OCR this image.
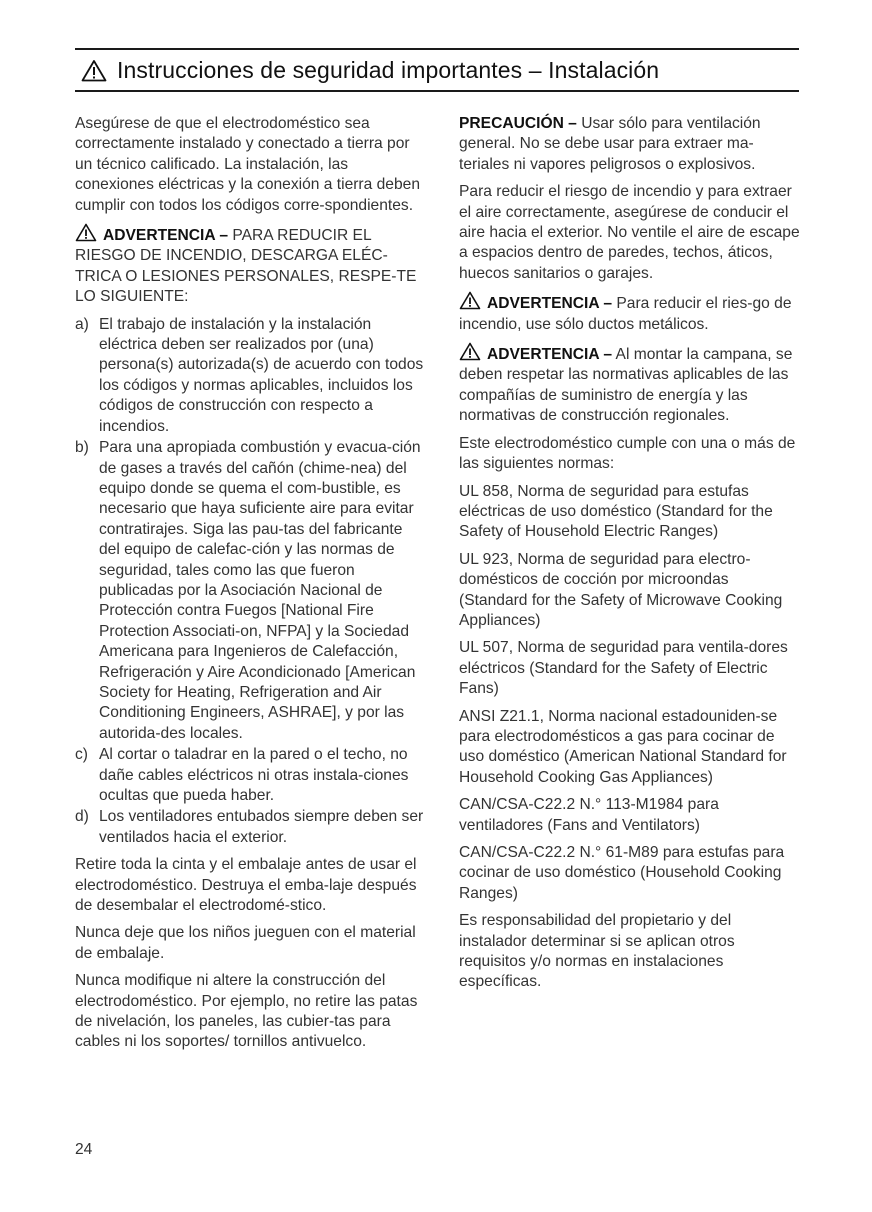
Instrucciones de seguridad importantes – Instalación

Asegúrese de que el electrodoméstico sea correctamente instalado y conectado a tierra por un técnico calificado. La instalación, las conexiones eléctricas y la conexión a tierra deben cumplir con todos los códigos corre-spondientes.

ADVERTENCIA – PARA REDUCIR EL RIESGO DE INCENDIO, DESCARGA ELÉC-TRICA O LESIONES PERSONALES, RESPE-TE LO SIGUIENTE:

a) El trabajo de instalación y la instalación eléctrica deben ser realizados por (una) persona(s) autorizada(s) de acuerdo con todos los códigos y normas aplicables, incluidos los códigos de construcción con respecto a incendios.
b) Para una apropiada combustión y evacua-ción de gases a través del cañón (chime-nea) del equipo donde se quema el com-bustible, es necesario que haya suficiente aire para evitar contratirajes. Siga las pau-tas del fabricante del equipo de calefac-ción y las normas de seguridad, tales como las que fueron publicadas por la Asociación Nacional de Protección contra Fuegos [National Fire Protection Associati-on, NFPA] y la Sociedad Americana para Ingenieros de Calefacción, Refrigeración y Aire Acondicionado [American Society for Heating, Refrigeration and Air Conditioning Engineers, ASHRAE], y por las autorida-des locales.
c) Al cortar o taladrar en la pared o el techo, no dañe cables eléctricos ni otras instala-ciones ocultas que pueda haber.
d) Los ventiladores entubados siempre deben ser ventilados hacia el exterior.

Retire toda la cinta y el embalaje antes de usar el electrodoméstico. Destruya el emba-laje después de desembalar el electrodomé-stico.

Nunca deje que los niños jueguen con el material de embalaje.

Nunca modifique ni altere la construcción del electrodoméstico. Por ejemplo, no retire las patas de nivelación, los paneles, las cubier-tas para cables ni los soportes/ tornillos antivuelco.

PRECAUCIÓN – Usar sólo para ventilación general. No se debe usar para extraer ma-teriales ni vapores peligrosos o explosivos.

Para reducir el riesgo de incendio y para extraer el aire correctamente, asegúrese de conducir el aire hacia el exterior. No ventile el aire de escape a espacios dentro de paredes, techos, áticos, huecos sanitarios o garajes.

ADVERTENCIA – Para reducir el ries-go de incendio, use sólo ductos metálicos.

ADVERTENCIA – Al montar la campana, se deben respetar las normativas aplicables de las compañías de suministro de energía y las normativas de construcción regionales.

Este electrodoméstico cumple con una o más de las siguientes normas:

UL 858, Norma de seguridad para estufas eléctricas de uso doméstico (Standard for the Safety of Household Electric Ranges)

UL 923, Norma de seguridad para electro-domésticos de cocción por microondas (Standard for the Safety of Microwave Cooking Appliances)

UL 507, Norma de seguridad para ventila-dores eléctricos (Standard for the Safety of Electric Fans)

ANSI Z21.1, Norma nacional estadouniden-se para electrodomésticos a gas para cocinar de uso doméstico (American National Standard for Household Cooking Gas Appliances)

CAN/CSA-C22.2 N.° 113-M1984 para ventiladores (Fans and Ventilators)

CAN/CSA-C22.2 N.° 61-M89 para estufas para cocinar de uso doméstico (Household Cooking Ranges)

Es responsabilidad del propietario y del instalador determinar si se aplican otros requisitos y/o normas en instalaciones específicas.

24
